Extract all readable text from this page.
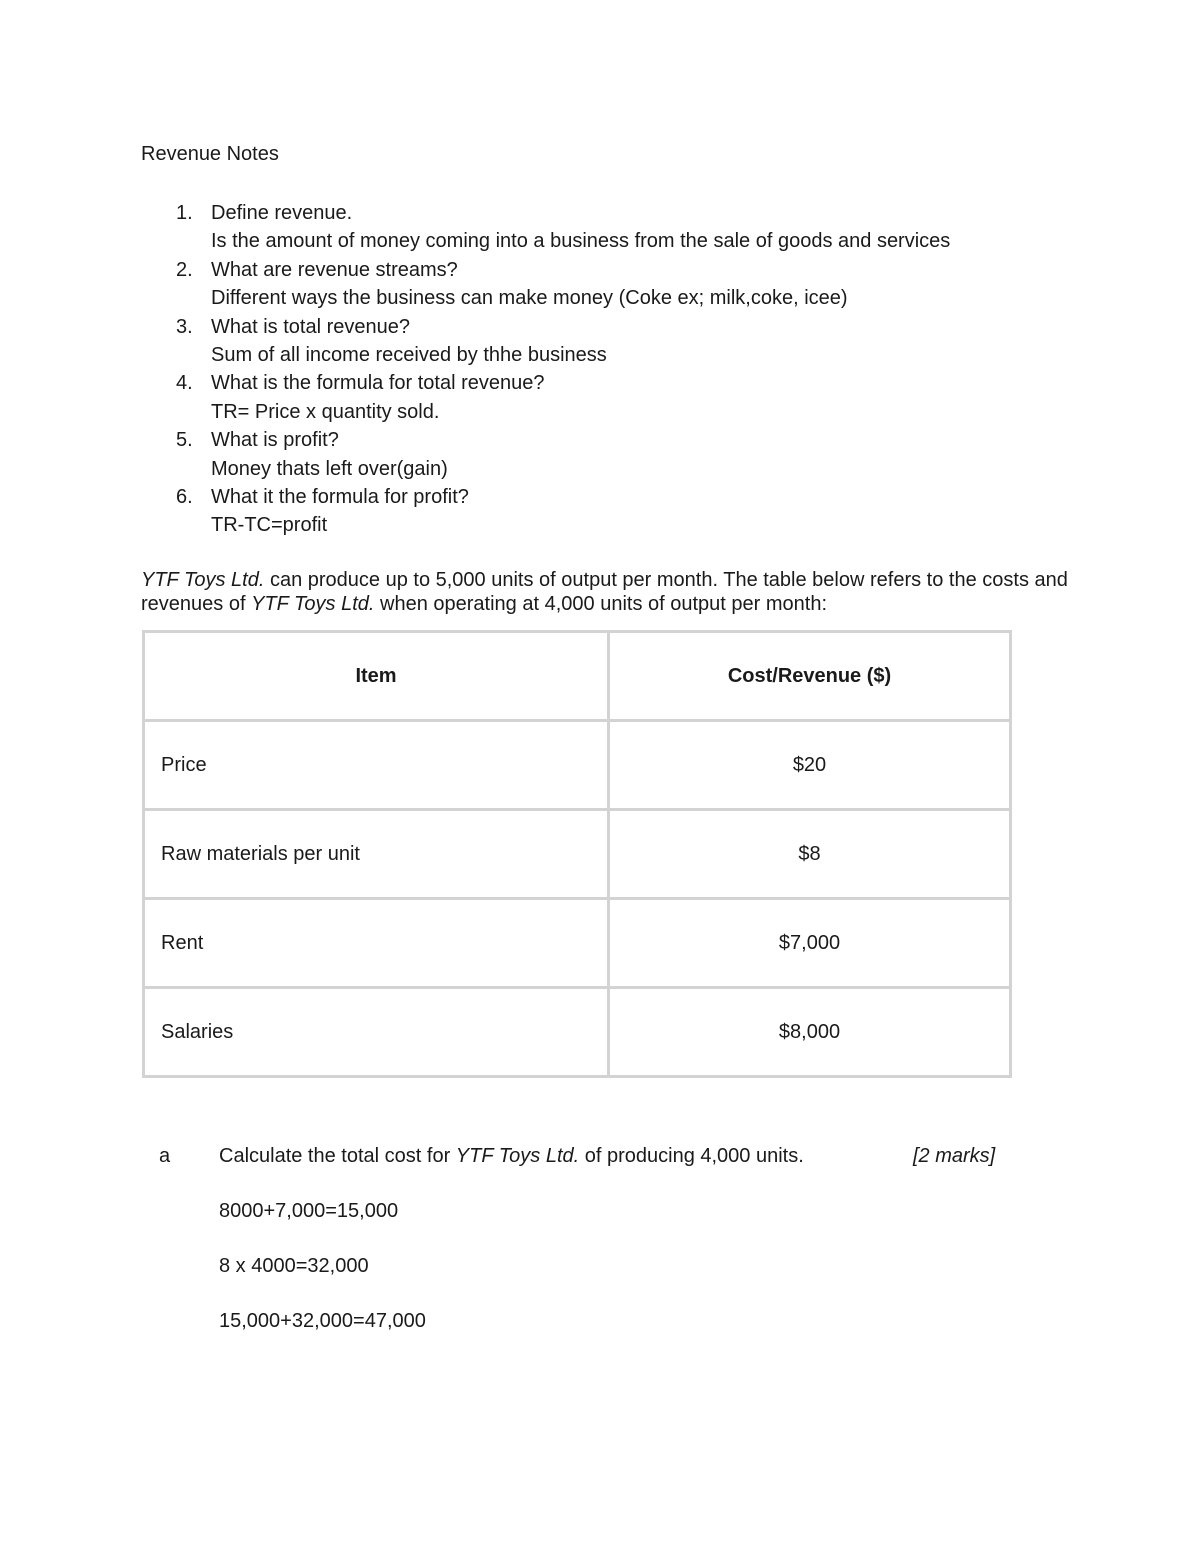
Revenue Notes
1. Define revenue.
Is the amount of money coming into a business from the sale of goods and services
2. What are revenue streams?
Different ways the business can make money (Coke ex; milk,coke, icee)
3. What is total revenue?
Sum of all income received by thhe business
4. What is the formula for total revenue?
TR= Price x quantity sold.
5. What is profit?
Money thats left over(gain)
6. What it the formula for profit?
TR-TC=profit
YTF Toys Ltd. can produce up to 5,000 units of output per month. The table below refers to the costs and revenues of YTF Toys Ltd. when operating at 4,000 units of output per month:
Item	Cost/Revenue ($)
Price	$20
Raw materials per unit	$8
Rent	$7,000
Salaries	$8,000
a Calculate the total cost for YTF Toys Ltd. of producing 4,000 units.	[2 marks]
8000+7,000=15,000
8 x 4000=32,000
15,000+32,000=47,000
